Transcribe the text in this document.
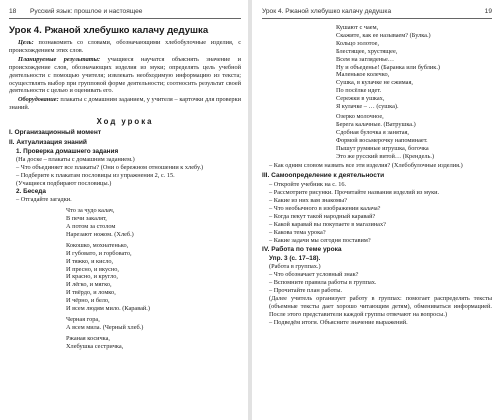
18 Русский язык: прошлое и настоящее
Урок 4. Ржаной хлебушко калачу дедушка

Цель: познакомить со словами, обозначающими хлебобулочные изделия, с происхождением этих слов.

Планируемые результаты: учащиеся научатся объяснять значение и происхождение слов, обозначающих изделия из муки; определять цель учебной деятельности с помощью учителя; извлекать необходимую информацию из текста; осуществлять выбор при групповой форме деятельности; соотносить результат своей деятельности с целью и оценивать его.

Оборудование: плакаты с домашним заданием, у учителя – карточки для проверки знаний.

Ход урока
I. Организационный момент
II. Актуализация знаний
1. Проверка домашнего задания

(На доске – плакаты с домашним заданием.)

– Что объединяет все плакаты? (Они о бережном отношении к хлебу.)

– Подберите к плакатам пословицы из упражнения 2, с. 15.

(Учащиеся подбирают пословицы.)

2. Беседа

– Отгадайте загадки.

Что за чудо калач,
В печи закалят,
А потом за столом
Нарезают ножом. (Хлеб.)
Кокошко, мохнатенько,
И губовато, и горбовато,
И тяжко, и кисло,
И пресно, и вкусно,
И красно, и кругло,
И лёгко, и мягко,
И твёрдо, и ломко,
И чёрно, и бело,
И всем людям мило. (Каравай.)
Черная гора,
А всем мила. (Черный хлеб.)
Ржаная косичка,
Хлебушка сестричка,
Урок 4. Ржаной хлебушко калачу дедушка	19
Кушают с чаем,
Скажите, как ее называем? (Булка.)
Кольцо золотое,
Блестящее, хрустящее,
Всем на загляденье…
Ну и объеденье! (Баранка или бублик.)
Маленькое колечко,
Сушка, в кулачке не сжимая,
По посёлке идет.
Сережки в ушках,
Я кулачке – … (сушка).
Озерко молочное,
Берега калачные. (Ватрушка.)
Сдобная булочка я занятая,
Формой восьмерочку напоминает.
Пышут румяные игрушка, богочка
Это же русский витой… (Крендель.)

– Как одним словом назвать все эти изделия? (Хлебобулочные изделия.)

III. Самоопределение к деятельности

– Откройте учебник на с. 16.

– Рассмотрите рисунки. Прочитайте названия изделий из муки.

– Какие из них вам знакомы?

– Что необычного в изображении калача?

– Когда пекут такой народный каравай?

– Какой каравай вы покупаете в магазинах?

– Какова тема урока?

– Какие задачи мы сегодня поставим?

IV. Работа по теме урока
Упр. 3 (с. 17–18).

(Работа в группах.)

– Что обозначает условный знак?

– Вспомните правила работы в группах.

– Прочитайте план работы.

(Далее учитель организует работу в группах: помогает распределять тексты (объемные тексты дает хорошо читающим детям), обмениваться информацией. После этого представители каждой группы отвечают на вопросы.)

– Подведём итоги. Объясните значение выражений.
